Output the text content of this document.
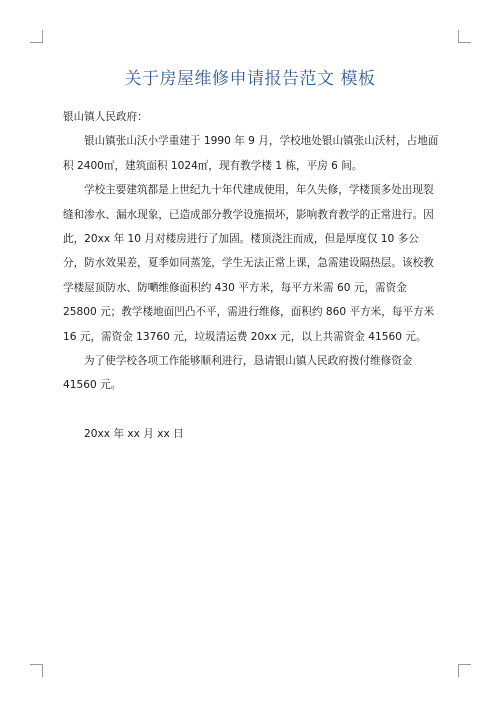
关于房屋维修申请报告范文 模板

银山镇人民政府：

银山镇张山沃小学重建于 1990 年 9 月，学校地处银山镇张山沃村，占地面积 2400㎡，建筑面积 1024㎡，现有教学楼 1 栋，平房 6 间。

学校主要建筑都是上世纪九十年代建成使用，年久失修，学楼顶多处出现裂缝和渗水、漏水现象，已造成部分教学设施损坏，影响教育教学的正常进行。因此，20xx 年 10 月对楼房进行了加固。楼顶浇注而成，但是厚度仅 10 多公分，防水效果差，夏季如同蒸笼，学生无法正常上课，急需建设隔热层。该校教学楼屋顶防水、防嗮维修面积约 430 平方米，每平方米需 60 元，需资金 25800 元；教学楼地面凹凸不平，需进行维修，面积约 860 平方米，每平方米 16 元，需资金 13760 元，垃圾清运费 20xx 元，以上共需资金 41560 元。

为了使学校各项工作能够顺利进行，恳请银山镇人民政府拨付维修资金 41560 元。

20xx 年 xx 月 xx 日
